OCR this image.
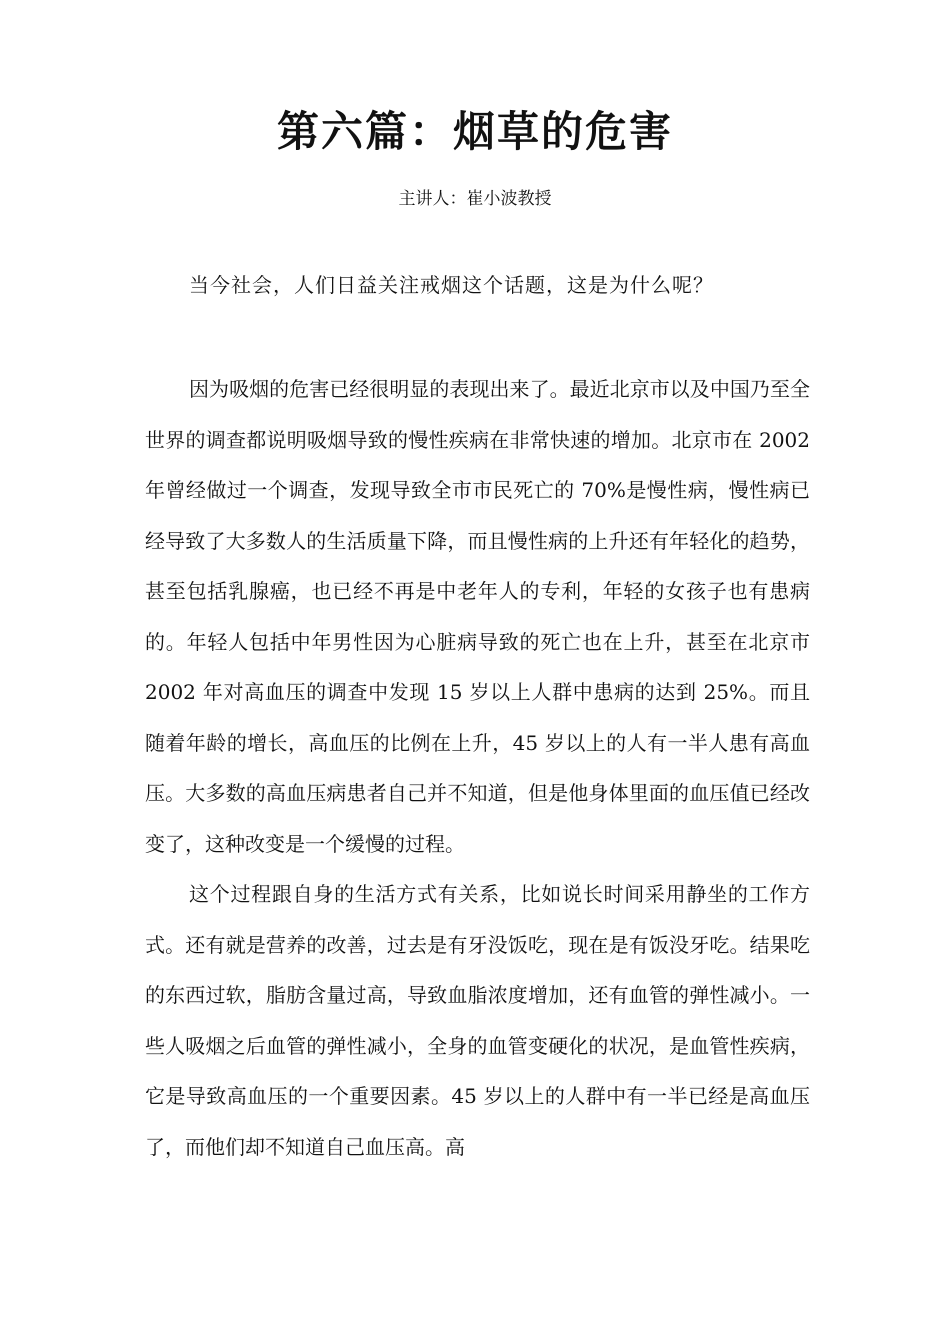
第六篇：烟草的危害

主讲人：崔小波教授

当今社会，人们日益关注戒烟这个话题，这是为什么呢？

因为吸烟的危害已经很明显的表现出来了。最近北京市以及中国乃至全世界的调查都说明吸烟导致的慢性疾病在非常快速的增加。北京市在 2002 年曾经做过一个调查，发现导致全市市民死亡的 70%是慢性病，慢性病已经导致了大多数人的生活质量下降，而且慢性病的上升还有年轻化的趋势，甚至包括乳腺癌，也已经不再是中老年人的专利，年轻的女孩子也有患病的。年轻人包括中年男性因为心脏病导致的死亡也在上升，甚至在北京市 2002 年对高血压的调查中发现 15 岁以上人群中患病的达到 25%。而且随着年龄的增长，高血压的比例在上升，45 岁以上的人有一半人患有高血压。大多数的高血压病患者自己并不知道，但是他身体里面的血压值已经改变了，这种改变是一个缓慢的过程。

这个过程跟自身的生活方式有关系，比如说长时间采用静坐的工作方式。还有就是营养的改善，过去是有牙没饭吃，现在是有饭没牙吃。结果吃的东西过软，脂肪含量过高，导致血脂浓度增加，还有血管的弹性减小。一些人吸烟之后血管的弹性减小，全身的血管变硬化的状况，是血管性疾病，它是导致高血压的一个重要因素。45 岁以上的人群中有一半已经是高血压了，而他们却不知道自己血压高。高
